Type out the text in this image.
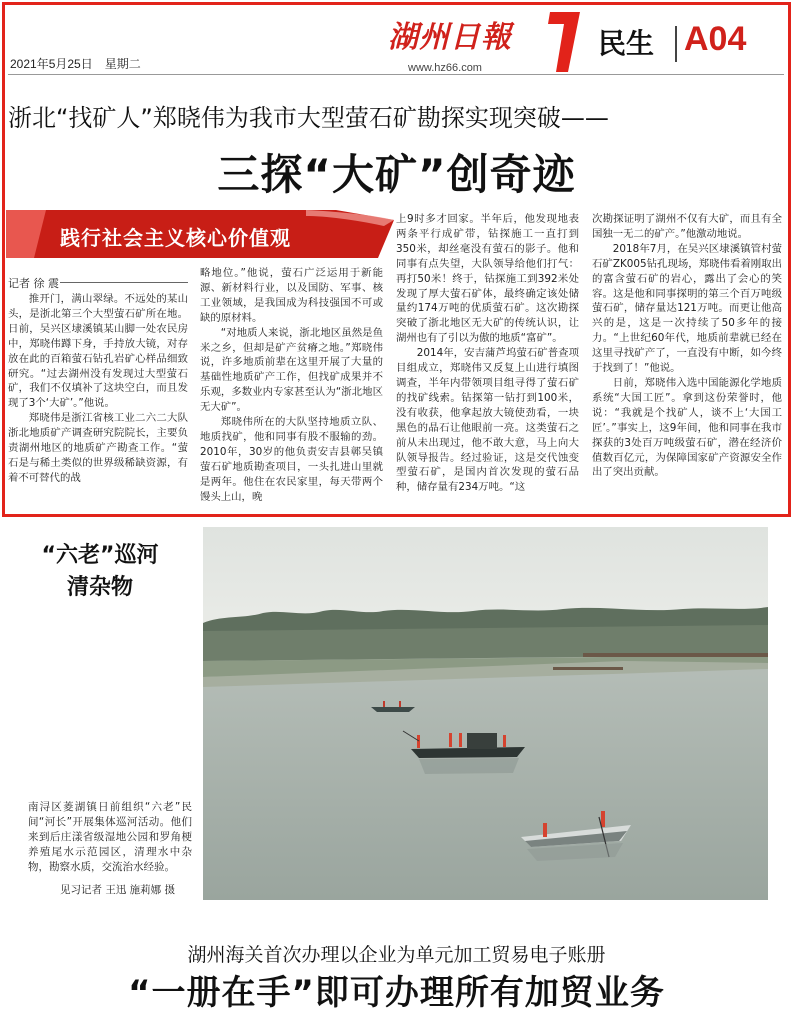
2021年5月25日　星期二
湖州日報
www.hz66.com
民生 A04
浙北“找矿人”郑晓伟为我市大型萤石矿勘探实现突破——
三探“大矿”创奇迹
践行社会主义核心价值观
记者 徐 震

推开门，满山翠绿。不远处的某山头，是浙北第三个大型萤石矿所在地。日前，吴兴区埭溪镇某山脚一处农民房中，郑晓伟蹲下身，手持放大镜，对存放在此的百箱萤石钻孔岩矿心样品细致研究。“过去湖州没有发现过大型萤石矿，我们不仅填补了这块空白，而且发现了3个‘大矿’。”他说。

郑晓伟是浙江省核工业二六二大队浙北地质矿产调查研究院院长，主要负责湖州地区的地质矿产勘查工作。“萤石是与稀土类似的世界级稀缺资源，有着不可替代的战

略地位。”他说，萤石广泛运用于新能源、新材料行业，以及国防、军事、核工业领域，是我国成为科技强国不可或缺的原材料。

“对地质人来说，浙北地区虽然是鱼米之乡，但却是矿产贫瘠之地。”郑晓伟说，许多地质前辈在这里开展了大量的基础性地质矿产工作，但找矿成果并不乐观，多数业内专家甚至认为“浙北地区无大矿”。

郑晓伟所在的大队坚持地质立队、地质找矿，他和同事有股不服输的劲。2010年，30岁的他负责安吉县鄣吴镇萤石矿地质勘查项目，一头扎进山里就是两年。他住在农民家里，每天带两个馒头上山，晚

上9时多才回家。半年后，他发现地表两条平行成矿带，钻探施工一直打到350米，却丝毫没有萤石的影子。他和同事有点失望，大队领导给他们打气：再打50米！终于，钻探施工到392米处发现了厚大萤石矿体，最终确定该处储量约174万吨的优质萤石矿。这次勘探突破了浙北地区无大矿的传统认识，让湖州也有了引以为傲的地质“富矿”。

2014年，安吉蒲芦坞萤石矿普查项目组成立，郑晓伟又反复上山进行填图调查，半年内带领项目组寻得了萤石矿的找矿线索。钻探第一钻打到100米，没有收获，他拿起放大镜使劲看，一块黑色的晶石让他眼前一亮。这类萤石之前从未出现过，他不敢大意，马上向大队领导报告。经过验证，这是交代蚀变型萤石矿，是国内首次发现的萤石品种，储存量有234万吨。“这

次勘探证明了湖州不仅有大矿，而且有全国独一无二的矿产。”他激动地说。

2018年7月，在吴兴区埭溪镇管村萤石矿ZK005钻孔现场，郑晓伟看着刚取出的富含萤石矿的岩心，露出了会心的笑容。这是他和同事探明的第三个百万吨级萤石矿，储存量达121万吨。而更让他高兴的是，这是一次持续了50多年的接力。“上世纪60年代，地质前辈就已经在这里寻找矿产了，一直没有中断，如今终于找到了！”他说。

日前，郑晓伟入选中国能源化学地质系统“大国工匠”。拿到这份荣誉时，他说：“我就是个找矿人，谈不上‘大国工匠’。”事实上，这9年间，他和同事在我市探获的3处百万吨级萤石矿，潜在经济价值数百亿元，为保障国家矿产资源安全作出了突出贡献。

“六老”巡河
清杂物
南浔区菱湖镇日前组织“六老”民间“河长”开展集体巡河活动。他们来到后庄漾省级湿地公园和罗角梗养殖尾水示范园区，清理水中杂物，勘察水质，交流治水经验。
见习记者 王迅 施莉娜 摄
湖州海关首次办理以企业为单元加工贸易电子账册
“一册在手”即可办理所有加贸业务
